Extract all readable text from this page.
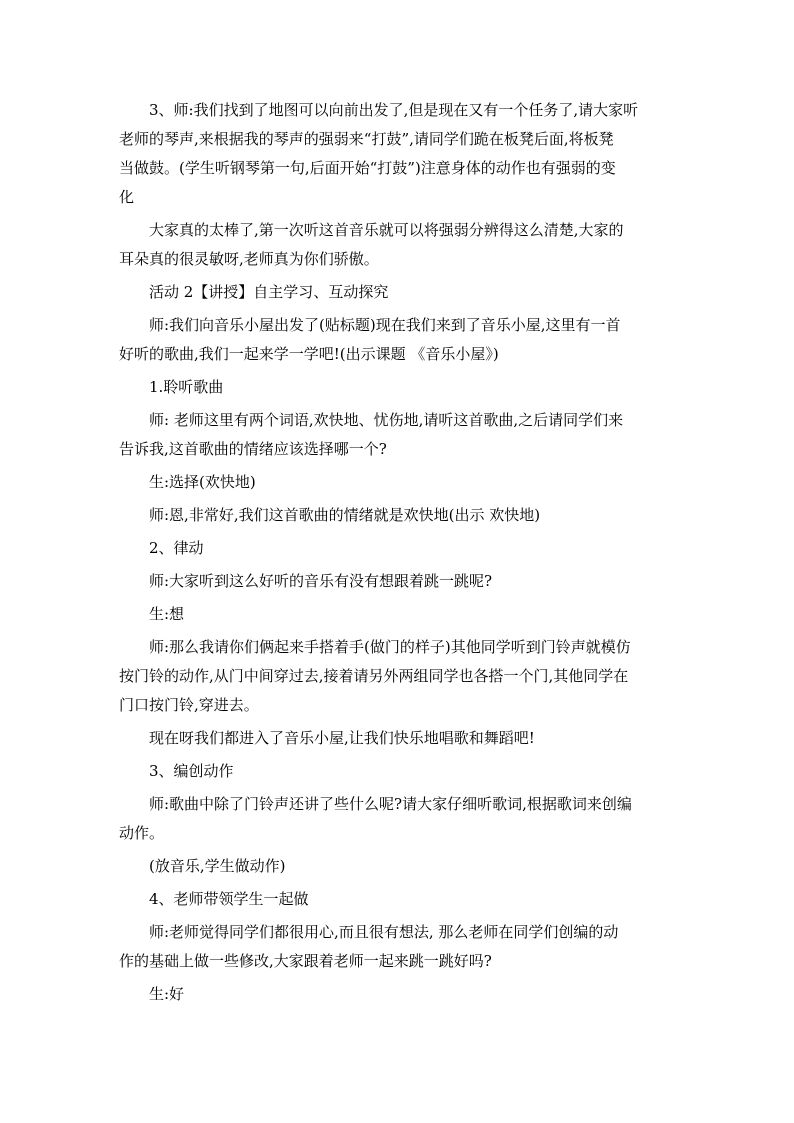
3、师:我们找到了地图可以向前出发了,但是现在又有一个任务了,请大家听
老师的琴声,来根据我的琴声的强弱来“打鼓”,请同学们跪在板凳后面,将板凳
当做鼓。(学生听钢琴第一句,后面开始“打鼓”)注意身体的动作也有强弱的变
化

大家真的太棒了,第一次听这首音乐就可以将强弱分辨得这么清楚,大家的
耳朵真的很灵敏呀,老师真为你们骄傲。

活动 2【讲授】自主学习、互动探究

师:我们向音乐小屋出发了(贴标题)现在我们来到了音乐小屋,这里有一首
好听的歌曲,我们一起来学一学吧!(出示课题 《音乐小屋》)

1.聆听歌曲

师: 老师这里有两个词语,欢快地、忧伤地,请听这首歌曲,之后请同学们来
告诉我,这首歌曲的情绪应该选择哪一个?

生:选择(欢快地)

师:恩,非常好,我们这首歌曲的情绪就是欢快地(出示 欢快地)

2、律动

师:大家听到这么好听的音乐有没有想跟着跳一跳呢?

生:想

师:那么我请你们俩起来手搭着手(做门的样子)其他同学听到门铃声就模仿
按门铃的动作,从门中间穿过去,接着请另外两组同学也各搭一个门,其他同学在
门口按门铃,穿进去。

现在呀我们都进入了音乐小屋,让我们快乐地唱歌和舞蹈吧!

3、编创动作

师:歌曲中除了门铃声还讲了些什么呢?请大家仔细听歌词,根据歌词来创编
动作。

(放音乐,学生做动作)

4、老师带领学生一起做

师:老师觉得同学们都很用心,而且很有想法, 那么老师在同学们创编的动
作的基础上做一些修改,大家跟着老师一起来跳一跳好吗?

生:好
